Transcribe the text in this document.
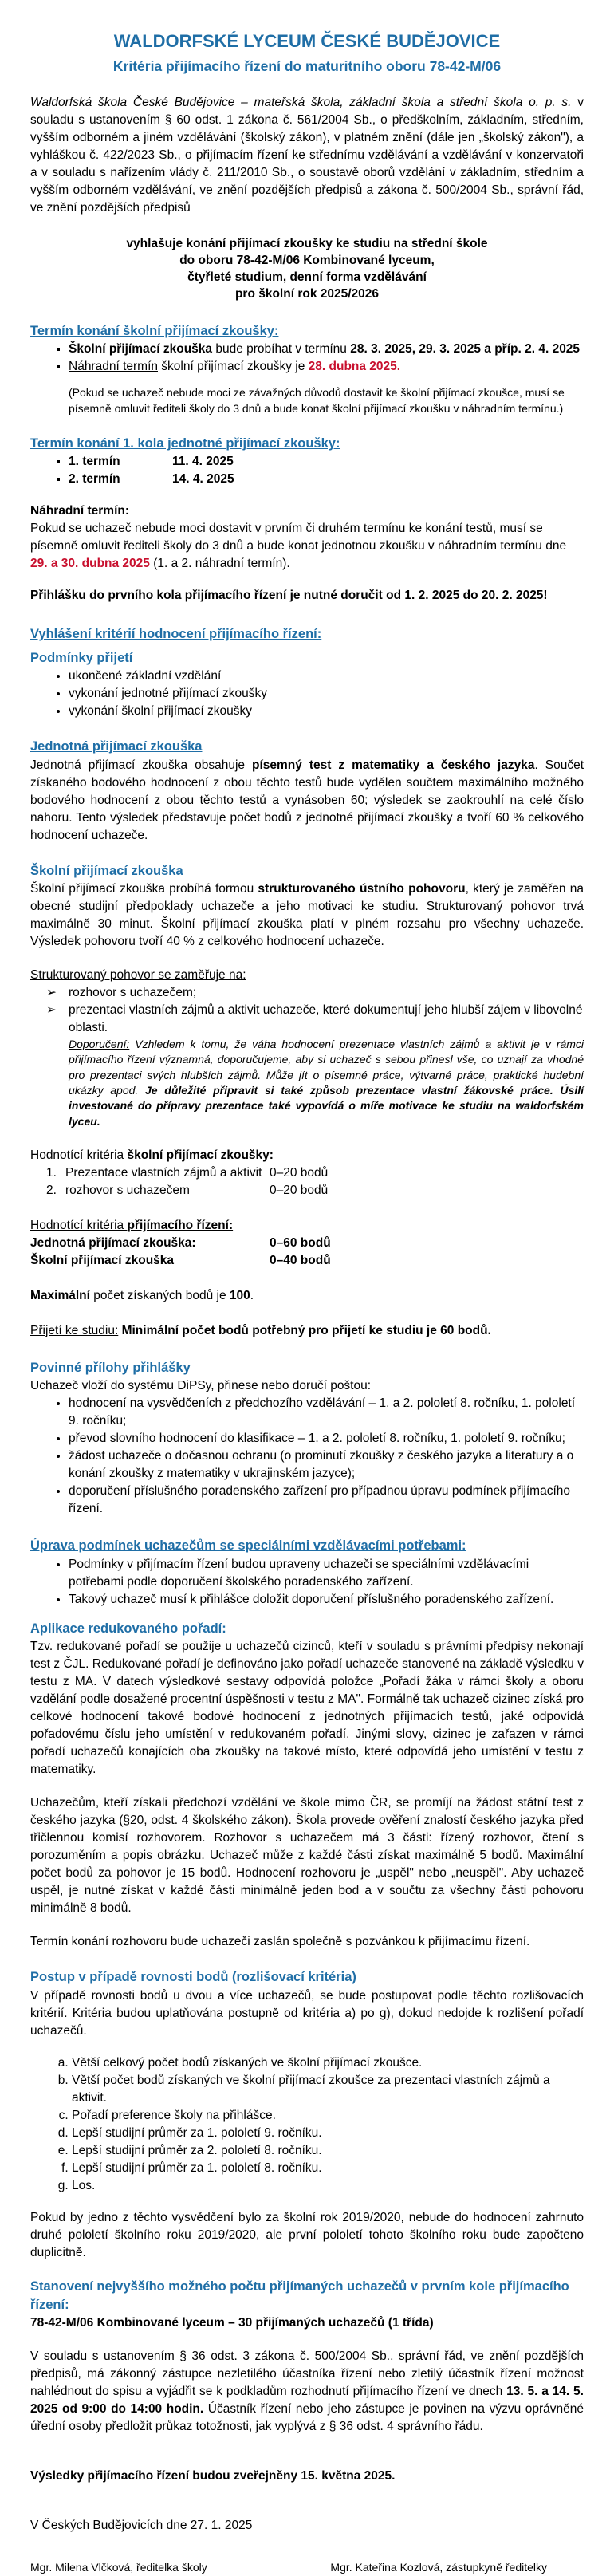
WALDORFSKÉ LYCEUM ČESKÉ BUDĚJOVICE
Kritéria přijímacího řízení do maturitního oboru 78-42-M/06

Waldorfská škola České Budějovice – mateřská škola, základní škola a střední škola o. p. s. v souladu s ustanovením § 60 odst. 1 zákona č. 561/2004 Sb., o předškolním, základním, středním, vyšším odborném a jiném vzdělávání (školský zákon), v platném znění (dále jen „školský zákon"), a vyhláškou č. 422/2023 Sb., o přijímacím řízení ke střednímu vzdělávání a vzdělávání v konzervatoři a v souladu s nařízením vlády č. 211/2010 Sb., o soustavě oborů vzdělání v základním, středním a vyšším odborném vzdělávání, ve znění pozdějších předpisů a zákona č. 500/2004 Sb., správní řád, ve znění pozdějších předpisů

vyhlašuje konání přijímací zkoušky ke studiu na střední škole
do oboru 78-42-M/06 Kombinované lyceum,
čtyřleté studium, denní forma vzdělávání
pro školní rok 2025/2026
Termín konání školní přijímací zkoušky:
▪ Školní přijímací zkouška bude probíhat v termínu 28. 3. 2025, 29. 3. 2025 a příp. 2. 4. 2025
▪ Náhradní termín školní přijímací zkoušky je 28. dubna 2025.

(Pokud se uchazeč nebude moci ze závažných důvodů dostavit ke školní přijímací zkoušce, musí se písemně omluvit řediteli školy do 3 dnů a bude konat školní přijímací zkoušku v náhradním termínu.)

Termín konání 1. kola jednotné přijímací zkoušky:
▪ 1. termín	11. 4. 2025
▪ 2. termín	14. 4. 2025

Náhradní termín:

Pokud se uchazeč nebude moci dostavit v prvním či druhém termínu ke konání testů, musí se písemně omluvit řediteli školy do 3 dnů a bude konat jednotnou zkoušku v náhradním termínu dne 29. a 30. dubna 2025 (1. a 2. náhradní termín).

Přihlášku do prvního kola přijímacího řízení je nutné doručit od 1. 2. 2025 do 20. 2. 2025!

Vyhlášení kritérií hodnocení přijímacího řízení:
Podmínky přijetí
• ukončené základní vzdělání
• vykonání jednotné přijímací zkoušky
• vykonání školní přijímací zkoušky
Jednotná přijímací zkouška

Jednotná přijímací zkouška obsahuje písemný test z matematiky a českého jazyka. Součet získaného bodového hodnocení z obou těchto testů bude vydělen součtem maximálního možného bodového hodnocení z obou těchto testů a vynásoben 60; výsledek se zaokrouhlí na celé číslo nahoru. Tento výsledek představuje počet bodů z jednotné přijímací zkoušky a tvoří 60 % celkového hodnocení uchazeče.

Školní přijímací zkouška

Školní přijímací zkouška probíhá formou strukturovaného ústního pohovoru, který je zaměřen na obecné studijní předpoklady uchazeče a jeho motivaci ke studiu. Strukturovaný pohovor trvá maximálně 30 minut. Školní přijímací zkouška platí v plném rozsahu pro všechny uchazeče. Výsledek pohovoru tvoří 40 % z celkového hodnocení uchazeče.

Strukturovaný pohovor se zaměřuje na:

➢ rozhovor s uchazečem;
➢ prezentaci vlastních zájmů a aktivit uchazeče, které dokumentují jeho hlubší zájem v libovolné oblasti.

Doporučení: Vzhledem k tomu, že váha hodnocení prezentace vlastních zájmů a aktivit je v rámci přijímacího řízení významná, doporučujeme, aby si uchazeč s sebou přinesl vše, co uznají za vhodné pro prezentaci svých hlubších zájmů. Může jít o písemné práce, výtvarné práce, praktické hudební ukázky apod. Je důležité připravit si také způsob prezentace vlastní žákovské práce. Úsilí investované do přípravy prezentace také vypovídá o míře motivace ke studiu na waldorfském lyceu.

Hodnotící kritéria školní přijímací zkoušky:

1. Prezentace vlastních zájmů a aktivit 0–20 bodů
2. rozhovor s uchazečem	0–20 bodů

Hodnotící kritéria přijímacího řízení:

Jednotná přijímací zkouška:	0–60 bodů
Školní přijímací zkouška	0–40 bodů

Maximální počet získaných bodů je 100.

Přijetí ke studiu: Minimální počet bodů potřebný pro přijetí ke studiu je 60 bodů.

Povinné přílohy přihlášky

Uchazeč vloží do systému DiPSy, přinese nebo doručí poštou:

• hodnocení na vysvědčeních z předchozího vzdělávání – 1. a 2. pololetí 8. ročníku, 1. pololetí 9. ročníku;
• převod slovního hodnocení do klasifikace – 1. a 2. pololetí 8. ročníku, 1. pololetí 9. ročníku;
• žádost uchazeče o dočasnou ochranu (o prominutí zkoušky z českého jazyka a literatury a o konání zkoušky z matematiky v ukrajinském jazyce);
• doporučení příslušného poradenského zařízení pro případnou úpravu podmínek přijímacího řízení.
Úprava podmínek uchazečům se speciálními vzdělávacími potřebami:
• Podmínky v přijímacím řízení budou upraveny uchazeči se speciálními vzdělávacími potřebami podle doporučení školského poradenského zařízení.
• Takový uchazeč musí k přihlášce doložit doporučení příslušného poradenského zařízení.
Aplikace redukovaného pořadí:

Tzv. redukované pořadí se použije u uchazečů cizinců, kteří v souladu s právními předpisy nekonají test z ČJL. Redukované pořadí je definováno jako pořadí uchazeče stanovené na základě výsledku v testu z MA. V datech výsledkové sestavy odpovídá položce „Pořadí žáka v rámci školy a oboru vzdělání podle dosažené procentní úspěšnosti v testu z MA". Formálně tak uchazeč cizinec získá pro celkové hodnocení takové bodové hodnocení z jednotných přijímacích testů, jaké odpovídá pořadovému číslu jeho umístění v redukovaném pořadí. Jinými slovy, cizinec je zařazen v rámci pořadí uchazečů konajících oba zkoušky na takové místo, které odpovídá jeho umístění v testu z matematiky.

Uchazečům, kteří získali předchozí vzdělání ve škole mimo ČR, se promíjí na žádost státní test z českého jazyka (§20, odst. 4 školského zákon). Škola provede ověření znalostí českého jazyka před třičlennou komisí rozhovorem. Rozhovor s uchazečem má 3 části: řízený rozhovor, čtení s porozuměním a popis obrázku. Uchazeč může z každé části získat maximálně 5 bodů. Maximální počet bodů za pohovor je 15 bodů. Hodnocení rozhovoru je „uspěl" nebo „neuspěl". Aby uchazeč uspěl, je nutné získat v každé části minimálně jeden bod a v součtu za všechny části pohovoru minimálně 8 bodů.

Termín konání rozhovoru bude uchazeči zaslán společně s pozvánkou k přijímacímu řízení.

Postup v případě rovnosti bodů (rozlišovací kritéria)

V případě rovnosti bodů u dvou a více uchazečů, se bude postupovat podle těchto rozlišovacích kritérií. Kritéria budou uplatňována postupně od kritéria a) po g), dokud nedojde k rozlišení pořadí uchazečů.

a. Větší celkový počet bodů získaných ve školní přijímací zkoušce.
b. Větší počet bodů získaných ve školní přijímací zkoušce za prezentaci vlastních zájmů a aktivit.
c. Pořadí preference školy na přihlášce.
d. Lepší studijní průměr za 1. pololetí 9. ročníku.
e. Lepší studijní průměr za 2. pololetí 8. ročníku.
f. Lepší studijní průměr za 1. pololetí 8. ročníku.
g. Los.

Pokud by jedno z těchto vysvědčení bylo za školní rok 2019/2020, nebude do hodnocení zahrnuto druhé pololetí školního roku 2019/2020, ale první pololetí tohoto školního roku bude započteno duplicitně.

Stanovení nejvyššího možného počtu přijímaných uchazečů v prvním kole přijímacího řízení:

78-42-M/06 Kombinované lyceum – 30 přijímaných uchazečů (1 třída)

V souladu s ustanovením § 36 odst. 3 zákona č. 500/2004 Sb., správní řád, ve znění pozdějších předpisů, má zákonný zástupce nezletilého účastníka řízení nebo zletilý účastník řízení možnost nahlédnout do spisu a vyjádřit se k podkladům rozhodnutí přijímacího řízení ve dnech 13. 5. a 14. 5. 2025 od 9:00 do 14:00 hodin. Účastník řízení nebo jeho zástupce je povinen na výzvu oprávněné úřední osoby předložit průkaz totožnosti, jak vyplývá z § 36 odst. 4 správního řádu.

Výsledky přijímacího řízení budou zveřejněny 15. května 2025.

V Českých Budějovicích dne 27. 1. 2025

Mgr. Milena Vlčková, ředitelka školy	Mgr. Kateřina Kozlová, zástupkyně ředitelky
